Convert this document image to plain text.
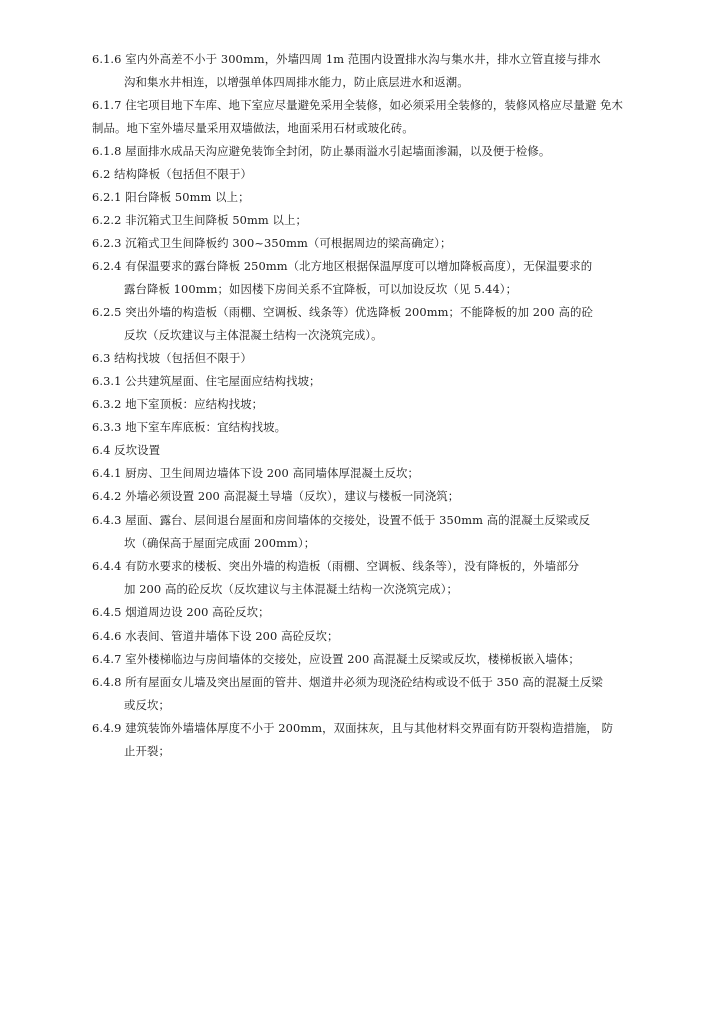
6.1.6 室内外高差不小于 300mm，外墙四周 1m 范围内设置排水沟与集水井，排水立管直接与排水
沟和集水井相连，以增强单体四周排水能力，防止底层进水和返潮。
6.1.7 住宅项目地下车库、地下室应尽量避免采用全装修，如必须采用全装修的，装修风格应尽量避 免木
制品。地下室外墙尽量采用双墙做法，地面采用石材或玻化砖。
6.1.8 屋面排水成品天沟应避免装饰全封闭，防止暴雨溢水引起墙面渗漏，以及便于检修。
6.2 结构降板（包括但不限于）
6.2.1 阳台降板 50mm 以上；
6.2.2 非沉箱式卫生间降板 50mm 以上；
6.2.3 沉箱式卫生间降板约 300~350mm（可根据周边的梁高确定）；
6.2.4 有保温要求的露台降板 250mm（北方地区根据保温厚度可以增加降板高度），无保温要求的
露台降板 100mm；如因楼下房间关系不宜降板，可以加设反坎（见 5.44）；
6.2.5 突出外墙的构造板（雨棚、空调板、线条等）优选降板 200mm；不能降板的加 200 高的砼
反坎（反坎建议与主体混凝土结构一次浇筑完成）。
6.3 结构找坡（包括但不限于）
6.3.1 公共建筑屋面、住宅屋面应结构找坡；
6.3.2 地下室顶板：应结构找坡；
6.3.3 地下室车库底板：宜结构找坡。
6.4 反坎设置
6.4.1 厨房、卫生间周边墙体下设 200 高同墙体厚混凝土反坎；
6.4.2 外墙必须设置 200 高混凝土导墙（反坎），建议与楼板一同浇筑；
6.4.3 屋面、露台、层间退台屋面和房间墙体的交接处，设置不低于 350mm 高的混凝土反梁或反
坎（确保高于屋面完成面 200mm）；
6.4.4 有防水要求的楼板、突出外墙的构造板（雨棚、空调板、线条等），没有降板的，外墙部分
加 200 高的砼反坎（反坎建议与主体混凝土结构一次浇筑完成）；
6.4.5 烟道周边设 200 高砼反坎；
6.4.6 水表间、管道井墙体下设 200 高砼反坎；
6.4.7 室外楼梯临边与房间墙体的交接处，应设置 200 高混凝土反梁或反坎，楼梯板嵌入墙体；
6.4.8 所有屋面女儿墙及突出屋面的管井、烟道井必须为现浇砼结构或设不低于 350 高的混凝土反梁
或反坎；
6.4.9 建筑装饰外墙墙体厚度不小于 200mm，双面抹灰，且与其他材料交界面有防开裂构造措施， 防
止开裂；
